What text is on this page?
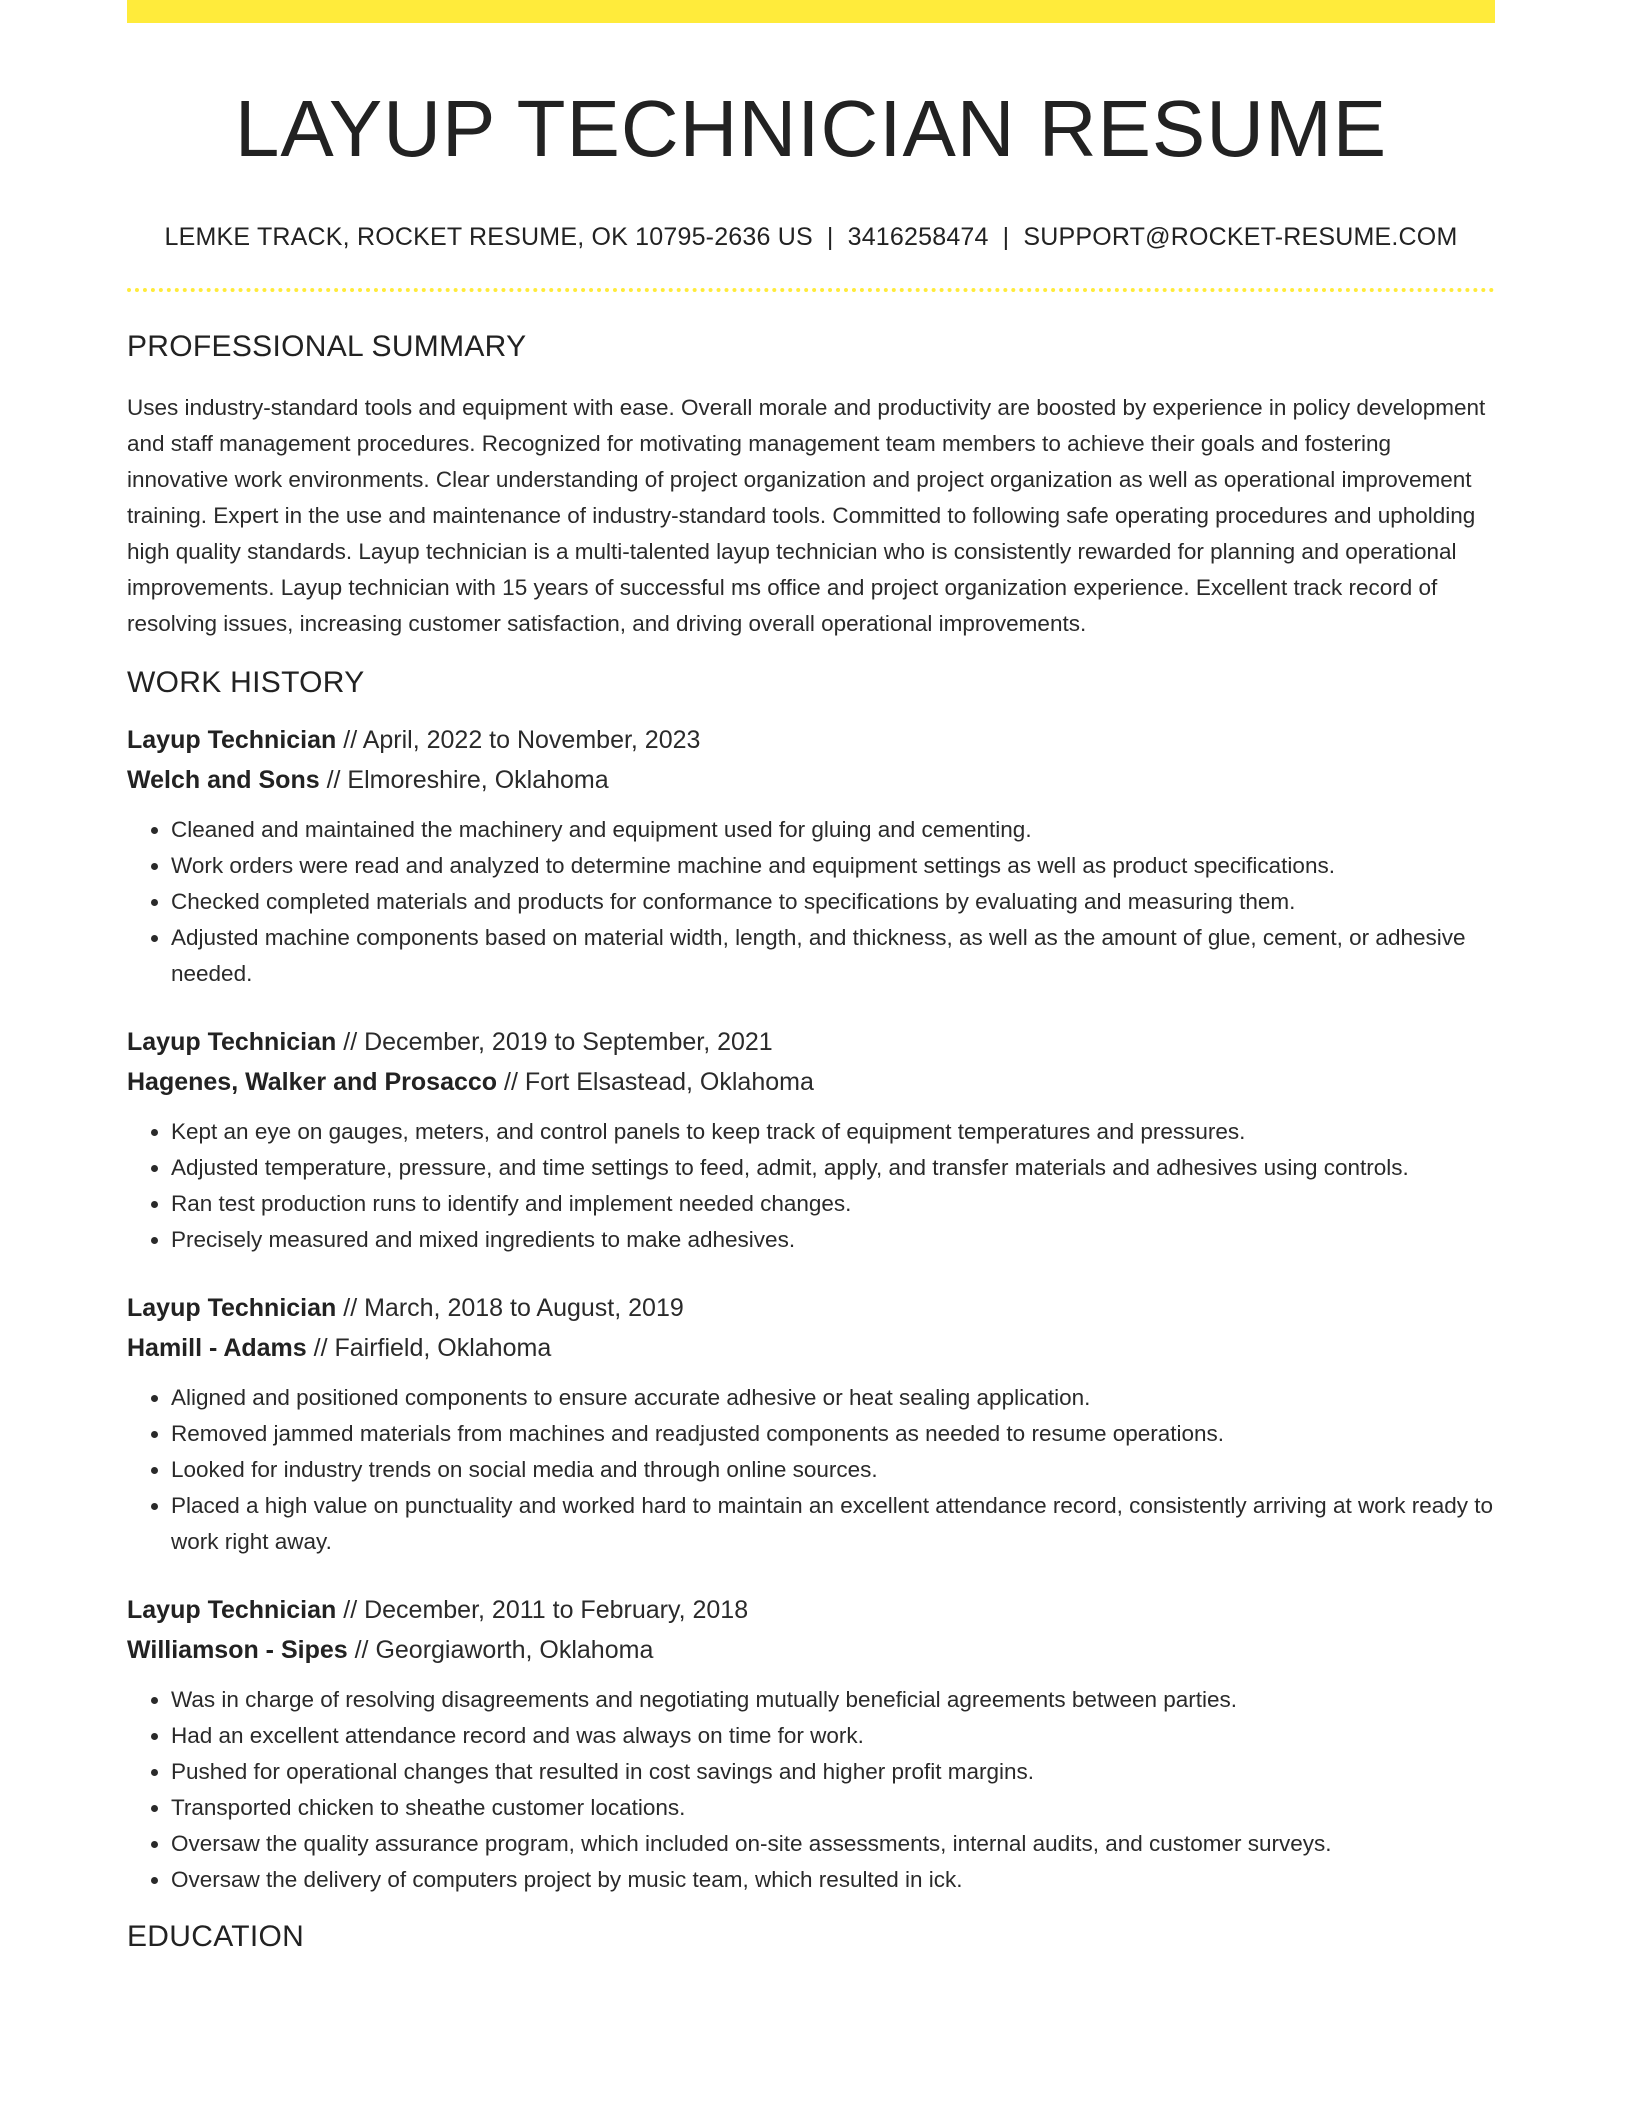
LAYUP TECHNICIAN RESUME
LEMKE TRACK, ROCKET RESUME, OK 10795-2636 US | 3416258474 | SUPPORT@ROCKET-RESUME.COM
PROFESSIONAL SUMMARY
Uses industry-standard tools and equipment with ease. Overall morale and productivity are boosted by experience in policy development and staff management procedures. Recognized for motivating management team members to achieve their goals and fostering innovative work environments. Clear understanding of project organization and project organization as well as operational improvement training. Expert in the use and maintenance of industry-standard tools. Committed to following safe operating procedures and upholding high quality standards. Layup technician is a multi-talented layup technician who is consistently rewarded for planning and operational improvements. Layup technician with 15 years of successful ms office and project organization experience. Excellent track record of resolving issues, increasing customer satisfaction, and driving overall operational improvements.
WORK HISTORY
Layup Technician // April, 2022 to November, 2023
Welch and Sons // Elmoreshire, Oklahoma
• Cleaned and maintained the machinery and equipment used for gluing and cementing.
• Work orders were read and analyzed to determine machine and equipment settings as well as product specifications.
• Checked completed materials and products for conformance to specifications by evaluating and measuring them.
• Adjusted machine components based on material width, length, and thickness, as well as the amount of glue, cement, or adhesive needed.
Layup Technician // December, 2019 to September, 2021
Hagenes, Walker and Prosacco // Fort Elsastead, Oklahoma
• Kept an eye on gauges, meters, and control panels to keep track of equipment temperatures and pressures.
• Adjusted temperature, pressure, and time settings to feed, admit, apply, and transfer materials and adhesives using controls.
• Ran test production runs to identify and implement needed changes.
• Precisely measured and mixed ingredients to make adhesives.
Layup Technician // March, 2018 to August, 2019
Hamill - Adams // Fairfield, Oklahoma
• Aligned and positioned components to ensure accurate adhesive or heat sealing application.
• Removed jammed materials from machines and readjusted components as needed to resume operations.
• Looked for industry trends on social media and through online sources.
• Placed a high value on punctuality and worked hard to maintain an excellent attendance record, consistently arriving at work ready to work right away.
Layup Technician // December, 2011 to February, 2018
Williamson - Sipes // Georgiaworth, Oklahoma
• Was in charge of resolving disagreements and negotiating mutually beneficial agreements between parties.
• Had an excellent attendance record and was always on time for work.
• Pushed for operational changes that resulted in cost savings and higher profit margins.
• Transported chicken to sheathe customer locations.
• Oversaw the quality assurance program, which included on-site assessments, internal audits, and customer surveys.
• Oversaw the delivery of computers project by music team, which resulted in ick.
EDUCATION
